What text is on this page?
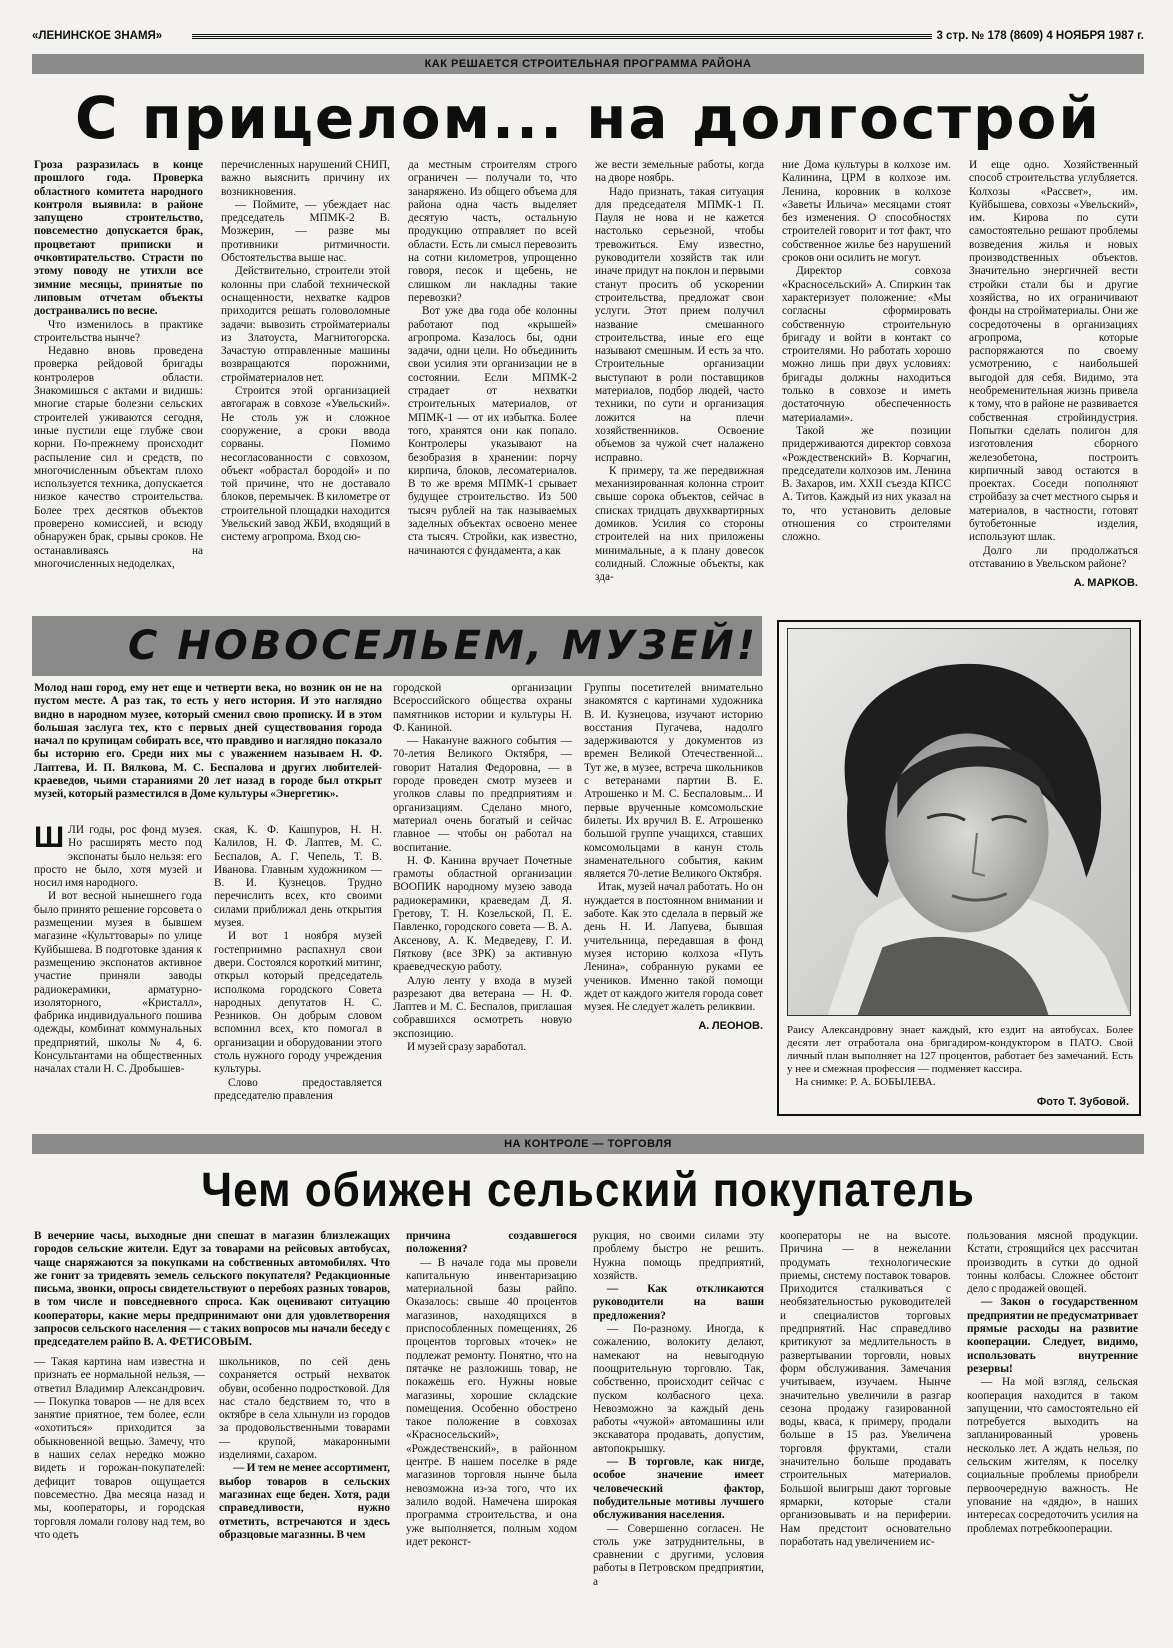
«ЛЕНИНСКОЕ ЗНАМЯ»	3 стр. № 178 (8609) 4 НОЯБРЯ 1987 г.
КАК РЕШАЕТСЯ СТРОИТЕЛЬНАЯ ПРОГРАММА РАЙОНА
С прицелом... на долгострой

Гроза разразилась в конце прошлого года. Проверка областного комитета народного контроля выявила: в районе запущено строительство, повсеместно допускается брак, процветают приписки и очковтирательство. Страсти по этому поводу не утихли все зимние месяцы, принятые по липовым отчетам объекты достраивались по весне.

Что изменилось в практике строительства нынче?

Недавно вновь проведена проверка рейдовой бригады контролеров области. Знакомишься с актами и видишь: многие старые болезни сельских строителей уживаются сегодня, иные пустили еще глубже свои корни. По-прежнему происходит распыление сил и средств, по многочисленным объектам плохо используется техника, допускается низкое качество строительства. Более трех десятков объектов проверено комиссией, и всюду обнаружен брак, срывы сроков. Не останавливаясь на многочисленных недоделках,

перечисленных нарушений СНИП, важно выяснить причину их возникновения.

— Поймите, — убеждает нас председатель МПМК-2 В. Мозжерин, — разве мы противники ритмичности. Обстоятельства выше нас.

Действительно, строители этой колонны при слабой технической оснащенности, нехватке кадров приходится решать головоломные задачи: вывозить стройматериалы из Златоуста, Магнитогорска. Зачастую отправленные машины возвращаются порожними, стройматериалов нет.

Строится этой организацией автогараж в совхозе «Увельский». Не столь уж и сложное сооружение, а сроки ввода сорваны. Помимо несогласованности с совхозом, объект «обрастал бородой» и по той причине, что не доставало блоков, перемычек. В километре от строительной площадки находится Увельский завод ЖБИ, входящий в систему агропрома. Вход сю-

да местным строителям строго ограничен — получали то, что занаряжено. Из общего объема для района одна часть выделяет десятую часть, остальную продукцию отправляет по всей области. Есть ли смысл перевозить на сотни километров, упрощенно говоря, песок и щебень, не слишком ли накладны такие перевозки?

Вот уже два года обе колонны работают под «крышей» агропрома. Казалось бы, одни задачи, одни цели. Но объединить свои усилия эти организации не в состоянии. Если МПМК-2 страдает от нехватки строительных материалов, от МПМК-1 — от их избытка. Более того, хранятся они как попало. Контролеры указывают на безобразия в хранении: порчу кирпича, блоков, лесоматериалов. В то же время МПМК-1 срывает будущее строительство. Из 500 тысяч рублей на так называемых заделных объектах освоено менее ста тысяч. Стройки, как известно, начинаются с фундамента, а как

же вести земельные работы, когда на дворе ноябрь.

Надо признать, такая ситуация для председателя МПМК-1 П. Пауля не нова и не кажется настолько серьезной, чтобы тревожиться. Ему известно, руководители хозяйств так или иначе придут на поклон и первыми станут просить об ускорении строительства, предложат свои услуги. Этот прием получил название смешанного строительства, иные его еще называют смешным. И есть за что. Строительные организации выступают в роли поставщиков материалов, подбор людей, часто техники, по сути и организация ложится на плечи хозяйственников. Освоение объемов за чужой счет налажено исправно.

К примеру, та же передвижная механизированная колонна строит свыше сорока объектов, сейчас в списках тридцать двухквартирных домиков. Усилия со стороны строителей на них приложены минимальные, а к плану довесок солидный. Сложные объекты, как зда-

ние Дома культуры в колхозе им. Калинина, ЦРМ в колхозе им. Ленина, коровник в колхозе «Заветы Ильича» месяцами стоят без изменения. О способностях строителей говорит и тот факт, что собственное жилье без нарушений сроков они осилить не могут.

Директор совхоза «Красносельский» А. Спиркин так характеризует положение: «Мы согласны сформировать собственную строительную бригаду и войти в контакт со строителями. Но работать хорошо можно лишь при двух условиях: бригады должны находиться только в совхозе и иметь достаточную обеспеченность материалами».

Такой же позиции придерживаются директор совхоза «Рождественский» В. Корчагин, председатели колхозов им. Ленина В. Захаров, им. XXII съезда КПСС А. Титов. Каждый из них указал на то, что установить деловые отношения со строителями сложно.

И еще одно. Хозяйственный способ строительства углубляется. Колхозы «Рассвет», им. Куйбышева, совхозы «Увельский», им. Кирова по сути самостоятельно решают проблемы возведения жилья и новых производственных объектов. Значительно энергичней вести стройки стали бы и другие хозяйства, но их ограничивают фонды на стройматериалы. Они же сосредоточены в организациях агропрома, которые распоряжаются по своему усмотрению, с наибольшей выгодой для себя. Видимо, эта необременительная жизнь привела к тому, что в районе не развивается собственная стройиндустрия. Попытки сделать полигон для изготовления сборного железобетона, построить кирпичный завод остаются в проектах. Соседи пополняют стройбазу за счет местного сырья и материалов, в частности, готовят бутобетонные изделия, используют шлак.

Долго ли продолжаться отставанию в Увельском районе?

А. МАРКОВ.
С НОВОСЕЛЬЕМ, МУЗЕЙ!
Молод наш город, ему нет еще и четверти века, но возник он не на пустом месте. А раз так, то есть у него история. И это наглядно видно в народном музее, который сменил свою прописку. И в этом большая заслуга тех, кто с первых дней существования города начал по крупицам собирать все, что правдиво и наглядно показало бы историю его. Среди них мы с уважением называем Н. Ф. Лаптева, И. П. Вялкова, М. С. Беспалова и других любителей-краеведов, чьими стараниями 20 лет назад в городе был открыт музей, который разместился в Доме культуры «Энергетик».

ШЛИ годы, рос фонд музея. Но расширять место под экспонаты было нельзя: его просто не было, хотя музей и носил имя народного.

И вот весной нынешнего года было принято решение горсовета о размещении музея в бывшем магазине «Культтовары» по улице Куйбышева. В подготовке здания к размещению экспонатов активное участие приняли заводы радиокерамики, арматурно-изоляторного, «Кристалл», фабрика индивидуального пошива одежды, комбинат коммунальных предприятий, школы № 4, 6. Консультантами на общественных началах стали Н. С. Дробышев-

ская, К. Ф. Кашпуров, Н. Н. Калилов, Н. Ф. Лаптев, М. С. Беспалов, А. Г. Чепель, Т. В. Иванова. Главным художником — В. И. Кузнецов. Трудно перечислить всех, кто своими силами приближал день открытия музея.

И вот 1 ноября музей гостеприимно распахнул свои двери. Состоялся короткий митинг, открыл который председатель исполкома городского Совета народных депутатов Н. С. Резников. Он добрым словом вспомнил всех, кто помогал в организации и оборудовании этого столь нужного городу учреждения культуры.

Слово предоставляется председателю правления

городской организации Всероссийского общества охраны памятников истории и культуры Н. Ф. Каниной.

— Накануне важного события — 70-летия Великого Октября, — говорит Наталия Федоровна, — в городе проведен смотр музеев и уголков славы по предприятиям и организациям. Сделано много, материал очень богатый и сейчас главное — чтобы он работал на воспитание.

Н. Ф. Канина вручает Почетные грамоты областной организации ВООПИК народному музею завода радиокерамики, краеведам Д. Я. Гретову, Т. Н. Козельской, П. Е. Павленко, городского совета — В. А. Аксенову, А. К. Медведеву, Г. И. Пяткову (все ЗРК) за активную краеведческую работу.

Алую ленту у входа в музей разрезают два ветерана — Н. Ф. Лаптев и М. С. Беспалов, приглашая собравшихся осмотреть новую экспозицию.

И музей сразу заработал.

Группы посетителей внимательно знакомятся с картинами художника В. И. Кузнецова, изучают историю восстания Пугачева, надолго задерживаются у документов из времен Великой Отечественной... Тут же, в музее, встреча школьников с ветеранами партии В. Е. Атрошенко и М. С. Беспаловым... И первые врученные комсомольские билеты. Их вручил В. Е. Атрошенко большой группе учащихся, ставших комсомольцами в канун столь знаменательного события, каким является 70-летие Великого Октября.

Итак, музей начал работать. Но он нуждается в постоянном внимании и заботе. Как это сделала в первый же день Н. И. Лапуева, бывшая учительница, передавшая в фонд музея историю колхоза «Путь Ленина», собранную руками ее учеников. Именно такой помощи ждет от каждого жителя города совет музея. Не следует жалеть реликвии.

А. ЛЕОНОВ. Раису Александровну знает каждый, кто ездит на автобусах. Более десяти лет отработала она бригадиром-кондуктором в ПАТО. Свой личный план выполняет на 127 процентов, работает без замечаний. Есть у нее и смежная профессия — подменяет кассира.
На снимке: Р. А. БОБЫЛЕВА.
Фото Т. Зубовой.
НА КОНТРОЛЕ — ТОРГОВЛЯ
Чем обижен сельский покупатель
В вечерние часы, выходные дни спешат в магазин близлежащих городов сельские жители. Едут за товарами на рейсовых автобусах, чаще снаряжаются за покупками на собственных автомобилях. Что же гонит за тридевять земель сельского покупателя? Редакционные письма, звонки, опросы свидетельствуют о перебоях разных товаров, в том числе и повседневного спроса. Как оценивают ситуацию кооператоры, какие меры предпринимают они для удовлетворения запросов сельского населения — с таких вопросов мы начали беседу с председателем райпо В. А. ФЕТИСОВЫМ.

— Такая картина нам известна и признать ее нормальной нельзя, — ответил Владимир Александрович. — Покупка товаров — не для всех занятие приятное, тем более, если «охотиться» приходится за обыкновенной вещью. Замечу, что в наших селах нередко можно видеть и горожан-покупателей: дефицит товаров ощущается повсеместно. Два месяца назад и мы, кооператоры, и городская торговля ломали голову над тем, во что одеть

школьников, по сей день сохраняется острый нехваток обуви, особенно подростковой. Для нас стало бедствием то, что в октябре в села хлынули из городов за продовольственными товарами — крупой, макаронными изделиями, сахаром.

— И тем не менее ассортимент, выбор товаров в сельских магазинах еще беден. Хотя, ради справедливости, нужно отметить, встречаются и здесь образцовые магазины. В чем

причина создавшегося положения?

— В начале года мы провели капитальную инвентаризацию материальной базы райпо. Оказалось: свыше 40 процентов магазинов, находящихся в приспособленных помещениях, 26 процентов торговых «точек» не подлежат ремонту. Понятно, что на пятачке не разложишь товар, не покажешь его. Нужны новые магазины, хорошие складские помещения. Особенно обострено такое положение в совхозах «Красносельский», «Рождественский», в районном центре. В нашем поселке в ряде магазинов торговля нынче была невозможна из-за того, что их залило водой. Намечена широкая программа строительства, и она уже выполняется, полным ходом идет реконст-

рукция, но своими силами эту проблему быстро не решить. Нужна помощь предприятий, хозяйств.

— Как откликаются руководители на ваши предложения?

— По-разному. Иногда, к сожалению, волокиту делают, намекают на невыгодную поощрительную торговлю. Так, собственно, происходит сейчас с пуском колбасного цеха. Невозможно за каждый день работы «чужой» автомашины или экскаватора продавать, допустим, автопокрышку.

— В торговле, как нигде, особое значение имеет человеческий фактор, побудительные мотивы лучшего обслуживания населения.

— Совершенно согласен. Не столь уже затруднительны, в сравнении с другими, условия работы в Петровском предприятии, а

кооператоры не на высоте. Причина — в нежелании продумать технологические приемы, систему поставок товаров. Приходится сталкиваться с необязательностью руководителей и специалистов торговых предприятий. Нас справедливо критикуют за медлительность в развертывании торговли, новых форм обслуживания. Замечания учитываем, изучаем. Нынче значительно увеличили в разгар сезона продажу газированной воды, кваса, к примеру, продали больше в 15 раз. Увеличена торговля фруктами, стали значительно больше продавать строительных материалов. Большой выигрыш дают торговые ярмарки, которые стали организовывать и на периферии. Нам предстоит основательно поработать над увеличением ис-

пользования мясной продукции. Кстати, строящийся цех рассчитан производить в сутки до одной тонны колбасы. Сложнее обстоит дело с продажей овощей.

— Закон о государственном предприятии не предусматривает прямые расходы на развитие кооперации. Следует, видимо, использовать внутренние резервы!

— На мой взгляд, сельская кооперация находится в таком запущении, что самостоятельно ей потребуется выходить на запланированный уровень несколько лет. А ждать нельзя, по сельским жителям, к поселку социальные проблемы приобрели первоочередную важность. Не упование на «дядю», в наших интересах сосредоточить усилия на проблемах потребкооперации.
